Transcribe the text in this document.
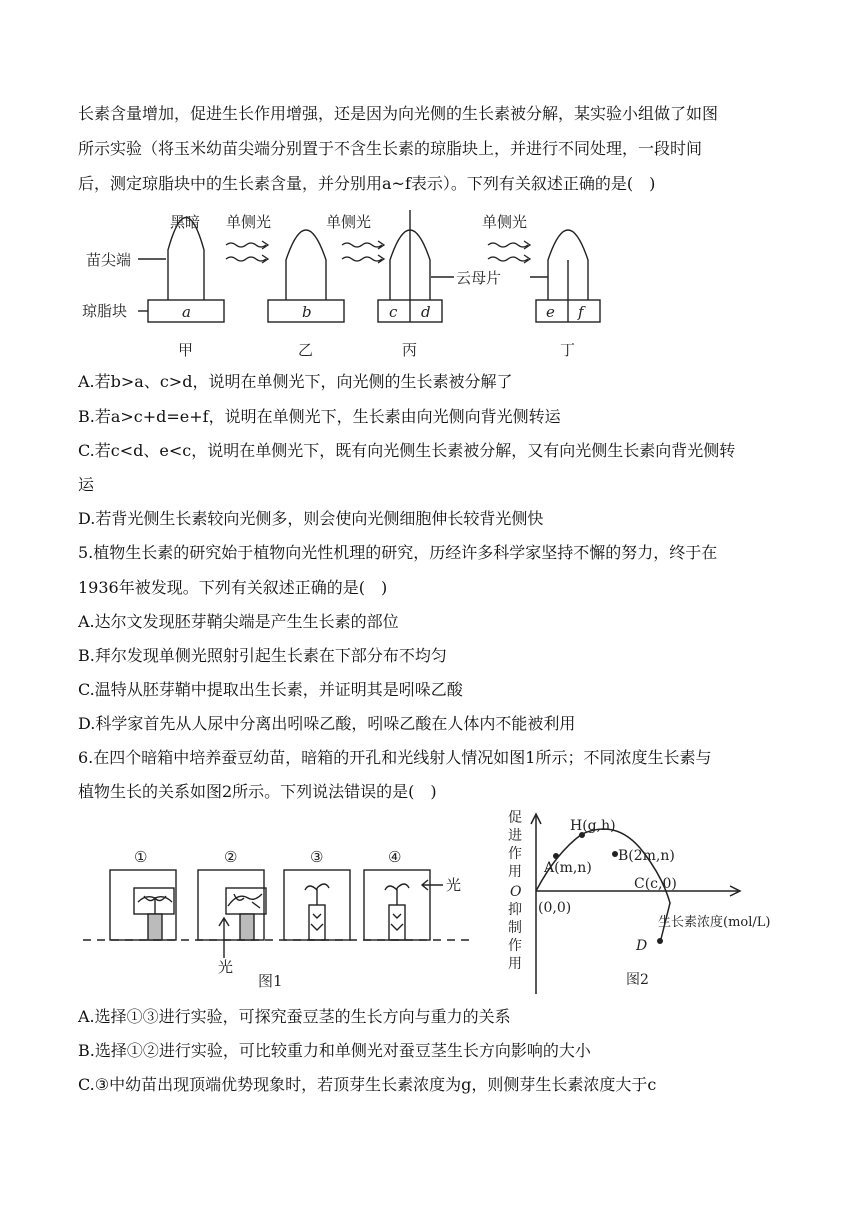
长素含量增加，促进生长作用增强，还是因为向光侧的生长素被分解，某实验小组做了如图
所示实验（将玉米幼苗尖端分别置于不含生长素的琼脂块上，并进行不同处理，一段时间
后，测定琼脂块中的生长素含量，并分别用a~f表示）。下列有关叙述正确的是(　)
黑暗 单侧光	单侧光	单侧光
苗尖端
琼脂块
云母片
a	b	c d	e f
甲	乙	丙	丁
A.若b>a、c>d，说明在单侧光下，向光侧的生长素被分解了
B.若a>c+d=e+f，说明在单侧光下，生长素由向光侧向背光侧转运
C.若c<d、e<c，说明在单侧光下，既有向光侧生长素被分解，又有向光侧生长素向背光侧转
运
D.若背光侧生长素较向光侧多，则会使向光侧细胞伸长较背光侧快
5.植物生长素的研究始于植物向光性机理的研究，历经许多科学家坚持不懈的努力，终于在
1936年被发现。下列有关叙述正确的是(　)
A.达尔文发现胚芽鞘尖端是产生生长素的部位
B.拜尔发现单侧光照射引起生长素在下部分布不均匀
C.温特从胚芽鞘中提取出生长素，并证明其是吲哚乙酸
D.科学家首先从人尿中分离出吲哚乙酸，吲哚乙酸在人体内不能被利用
6.在四个暗箱中培养蚕豆幼苗，暗箱的开孔和光线射人情况如图1所示；不同浓度生长素与
植物生长的关系如图2所示。下列说法错误的是(　)
①	②	③	④
光
光
图1
促
进
作
用
O
抑
制
作
用
H(g,h)
A(m,n)
B(2m,n)
C(c,0)
(0,0)
D
生长素浓度(mol/L)
图2
A.选择①③进行实验，可探究蚕豆茎的生长方向与重力的关系
B.选择①②进行实验，可比较重力和单侧光对蚕豆茎生长方向影响的大小
C.③中幼苗出现顶端优势现象时，若顶芽生长素浓度为g，则侧芽生长素浓度大于c
